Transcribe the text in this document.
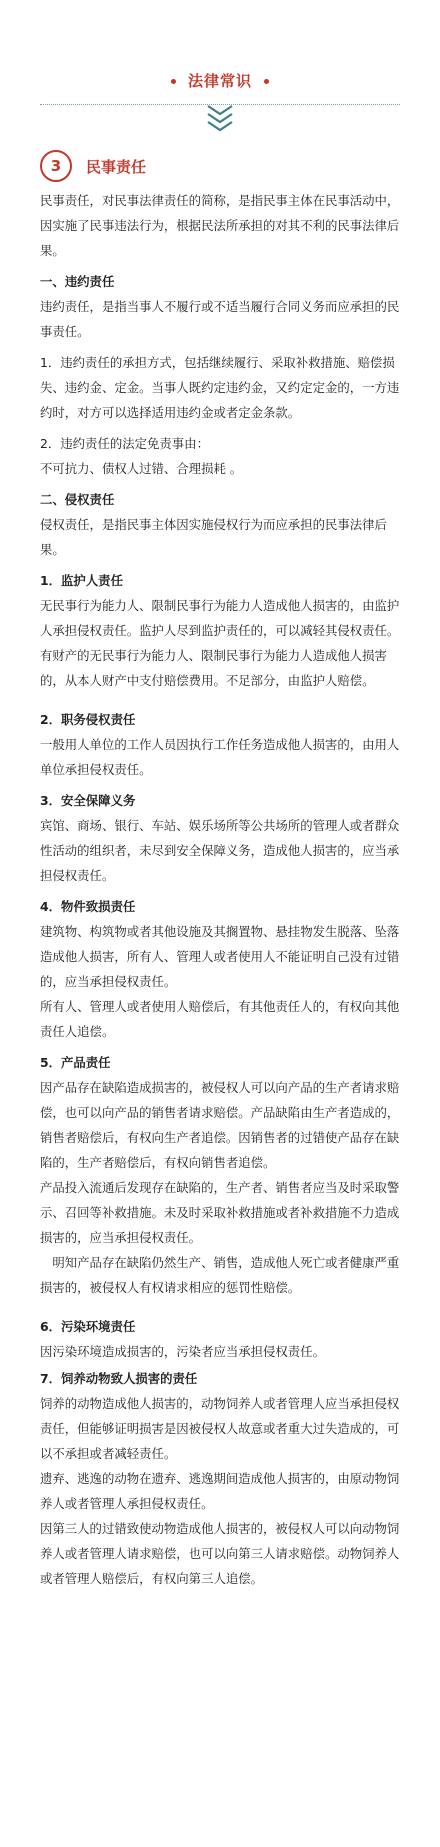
法律常识
3	民事责任

民事责任，对民事法律责任的简称，是指民事主体在民事活动中，因实施了民事违法行为，根据民法所承担的对其不利的民事法律后果。

一、违约责任

违约责任，是指当事人不履行或不适当履行合同义务而应承担的民事责任。

1．违约责任的承担方式，包括继续履行、采取补救措施、赔偿损失、违约金、定金。当事人既约定违约金，又约定定金的，一方违约时，对方可以选择适用违约金或者定金条款。

2．违约责任的法定免责事由：

不可抗力、债权人过错、合理损耗 。

二、侵权责任

侵权责任，是指民事主体因实施侵权行为而应承担的民事法律后果。

1．监护人责任

无民事行为能力人、限制民事行为能力人造成他人损害的，由监护人承担侵权责任。监护人尽到监护责任的，可以减轻其侵权责任。

有财产的无民事行为能力人、限制民事行为能力人造成他人损害的，从本人财产中支付赔偿费用。不足部分，由监护人赔偿。

2．职务侵权责任

一般用人单位的工作人员因执行工作任务造成他人损害的，由用人单位承担侵权责任。

3．安全保障义务

宾馆、商场、银行、车站、娱乐场所等公共场所的管理人或者群众性活动的组织者，未尽到安全保障义务，造成他人损害的，应当承担侵权责任。

4．物件致损责任

建筑物、构筑物或者其他设施及其搁置物、悬挂物发生脱落、坠落造成他人损害，所有人、管理人或者使用人不能证明自己没有过错的，应当承担侵权责任。

所有人、管理人或者使用人赔偿后，有其他责任人的，有权向其他责任人追偿。

5．产品责任

因产品存在缺陷造成损害的，被侵权人可以向产品的生产者请求赔偿，也可以向产品的销售者请求赔偿。产品缺陷由生产者造成的，销售者赔偿后，有权向生产者追偿。因销售者的过错使产品存在缺陷的，生产者赔偿后，有权向销售者追偿。

产品投入流通后发现存在缺陷的，生产者、销售者应当及时采取警示、召回等补救措施。未及时采取补救措施或者补救措施不力造成损害的，应当承担侵权责任。

明知产品存在缺陷仍然生产、销售，造成他人死亡或者健康严重损害的，被侵权人有权请求相应的惩罚性赔偿。

6．污染环境责任

因污染环境造成损害的，污染者应当承担侵权责任。

7．饲养动物致人损害的责任

饲养的动物造成他人损害的，动物饲养人或者管理人应当承担侵权责任，但能够证明损害是因被侵权人故意或者重大过失造成的，可以不承担或者减轻责任。

遗弃、逃逸的动物在遗弃、逃逸期间造成他人损害的，由原动物饲养人或者管理人承担侵权责任。

因第三人的过错致使动物造成他人损害的，被侵权人可以向动物饲养人或者管理人请求赔偿，也可以向第三人请求赔偿。动物饲养人或者管理人赔偿后，有权向第三人追偿。
